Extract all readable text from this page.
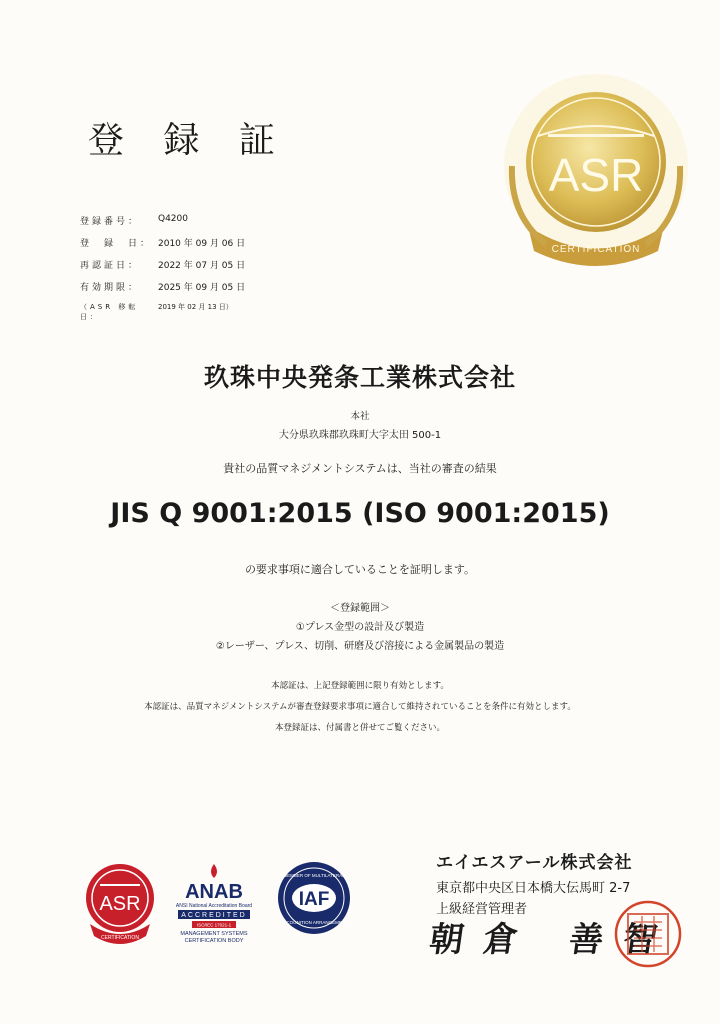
登 録 証
ASR
CERTIFICATION
登録番号：	Q4200
登　録　日： 2010 年 09 月 06 日
再認証日：	2022 年 07 月 05 日
有効期限：	2025 年 09 月 05 日
（ASR 移転日：
2019 年 02 月 13 日）
玖珠中央発条工業株式会社
本社
大分県玖珠郡玖珠町大字太田 500-1
貴社の品質マネジメントシステムは、当社の審査の結果
JIS Q 9001:2015 (ISO 9001:2015)
の要求事項に適合していることを証明します。
＜登録範囲＞
①プレス金型の設計及び製造
②レーザー、プレス、切削、研磨及び溶接による金属製品の製造
本認証は、上記登録範囲に限り有効とします。
本認証は、品質マネジメントシステムが審査登録要求事項に適合して維持されていることを条件に有効とします。
本登録証は、付属書と併せてご覧ください。
ASR
CERTIFICATION
ANAB
ANSI National Accreditation Board
ACCREDITED
ISO/IEC 17021-1
MANAGEMENT SYSTEMS
CERTIFICATION BODY
IAF
MEMBER OF MULTILATERAL
RECOGNITION ARRANGEMENT
エイエスアール株式会社
東京都中央区日本橋大伝馬町 2-7
上級経営管理者
朝倉 善智
